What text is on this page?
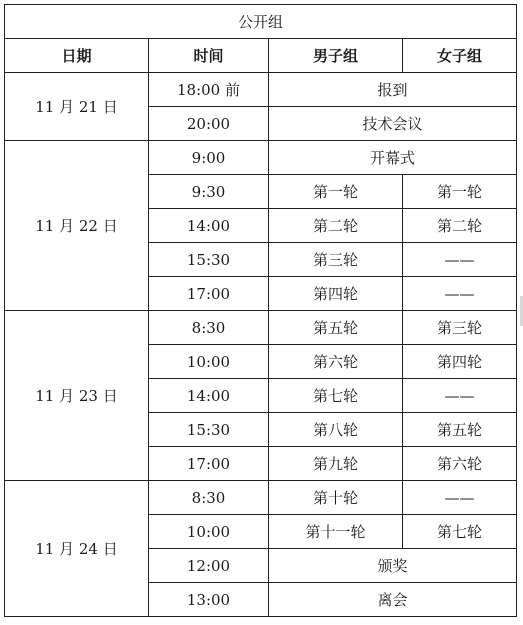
公开组			
日期	时间	男子组	女子组
11 月 21 日	18:00 前	报到	
	20:00	技术会议	
11 月 22 日	9:00	开幕式	
	9:30	第一轮	第一轮
	14:00	第二轮	第二轮
	15:30	第三轮	——
	17:00	第四轮	——
11 月 23 日	8:30	第五轮	第三轮
	10:00	第六轮	第四轮
	14:00	第七轮	——
	15:30	第八轮	第五轮
	17:00	第九轮	第六轮
11 月 24 日	8:30	第十轮	——
	10:00	第十一轮	第七轮
	12:00	颁奖	
	13:00	离会	
